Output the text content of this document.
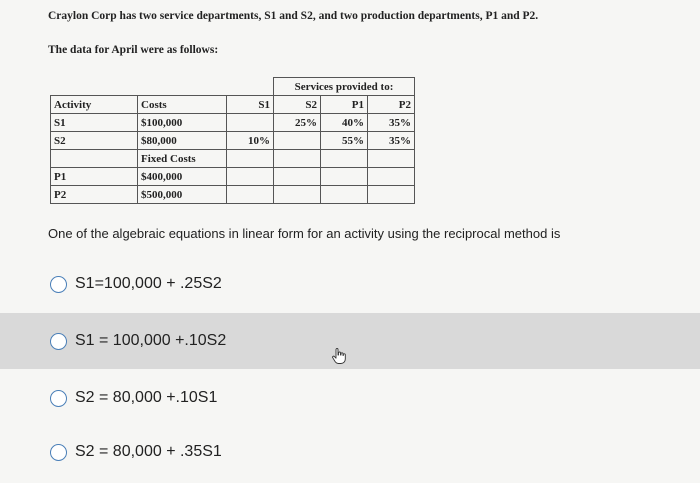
Craylon Corp has two service departments, S1 and S2, and two production departments, P1 and P2.
The data for April were as follows:
			Services provided to:		
Activity	Costs	S1	S2	P1	P2
S1	$100,000		25%	40%	35%
S2	$80,000	10%		55%	35%
	Fixed Costs				
P1	$400,000				
P2	$500,000				
One of the algebraic equations in linear form for an activity using the reciprocal method is
S1=100,000 + .25S2
S1 = 100,000 +.10S2
S2 = 80,000 +.10S1
S2 = 80,000 + .35S1
